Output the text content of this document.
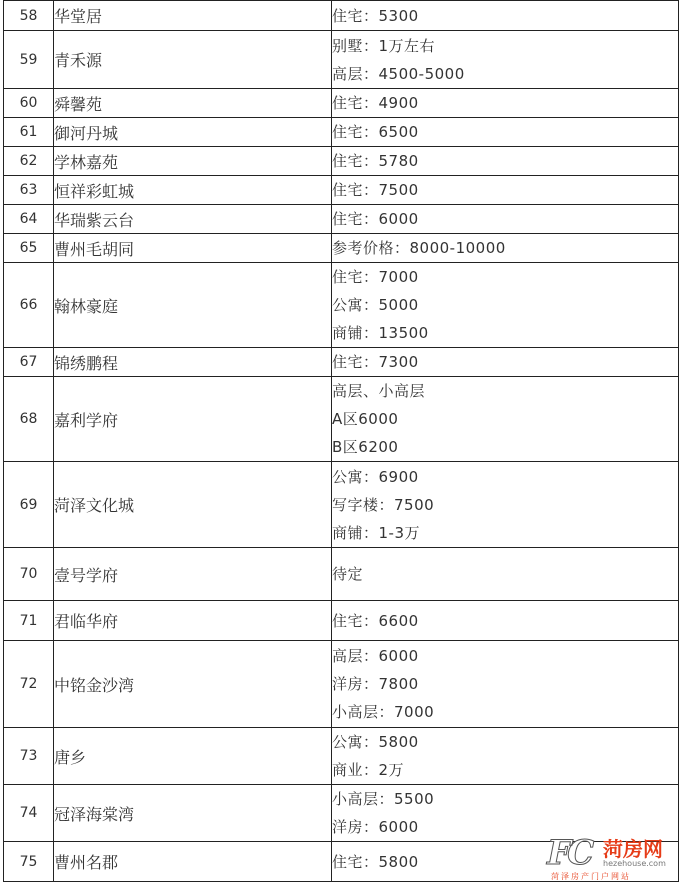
58	华堂居	住宅：5300

59	青禾源	别墅：1万左右
高层：4500-5000

60	舜馨苑	住宅：4900

61	御河丹城	住宅：6500

62	学林嘉苑	住宅：5780

63	恒祥彩虹城	住宅：7500

64	华瑞紫云台	住宅：6000

65	曹州毛胡同	参考价格：8000-10000

66	翰林豪庭	住宅：7000
公寓：5000
商铺：13500

67	锦绣鹏程	住宅：7300

68	嘉利学府	高层、小高层
A区6000
B区6200

69	菏泽文化城	公寓：6900
写字楼：7500
商铺：1-3万

70	壹号学府	待定

71	君临华府	住宅：6600

72	中铭金沙湾	高层：6000
洋房：7800
小高层：7000

73	唐乡	公寓：5800
商业：2万

74	冠泽海棠湾	小高层：5500
洋房：6000

75	曹州名郡	住宅：5800	FC 菏房网
hezehouse.com
菏泽房产门户网站
